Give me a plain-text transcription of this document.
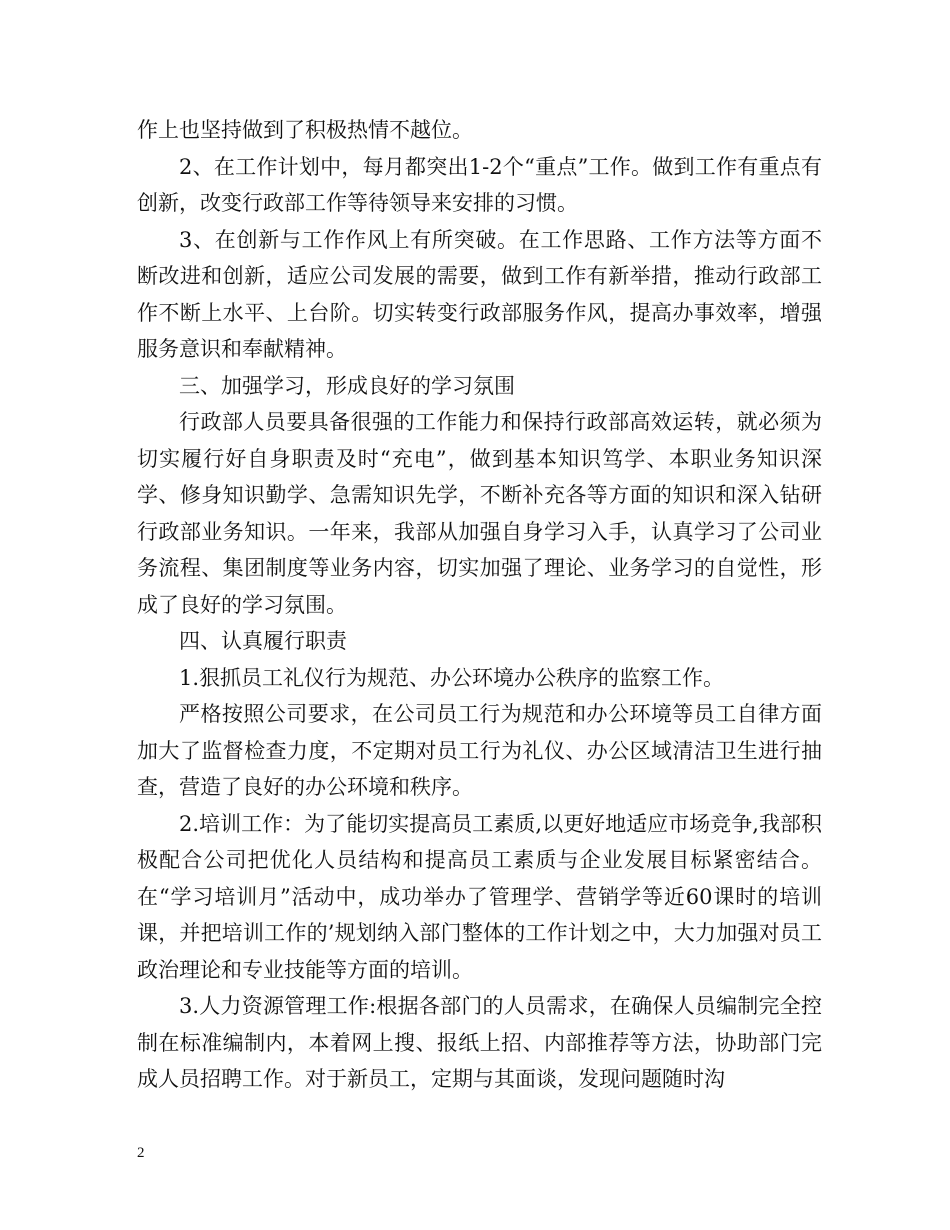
作上也坚持做到了积极热情不越位。

2、在工作计划中，每月都突出1-2个“重点”工作。做到工作有重点有创新，改变行政部工作等待领导来安排的习惯。

3、在创新与工作作风上有所突破。在工作思路、工作方法等方面不断改进和创新，适应公司发展的需要，做到工作有新举措，推动行政部工作不断上水平、上台阶。切实转变行政部服务作风，提高办事效率，增强服务意识和奉献精神。

三、加强学习，形成良好的学习氛围

行政部人员要具备很强的工作能力和保持行政部高效运转，就必须为切实履行好自身职责及时“充电”，做到基本知识笃学、本职业务知识深学、修身知识勤学、急需知识先学，不断补充各等方面的知识和深入钻研行政部业务知识。一年来，我部从加强自身学习入手，认真学习了公司业务流程、集团制度等业务内容，切实加强了理论、业务学习的自觉性，形成了良好的学习氛围。

四、认真履行职责

1.狠抓员工礼仪行为规范、办公环境办公秩序的监察工作。

严格按照公司要求，在公司员工行为规范和办公环境等员工自律方面加大了监督检查力度，不定期对员工行为礼仪、办公区域清洁卫生进行抽查，营造了良好的办公环境和秩序。

2.培训工作：为了能切实提高员工素质,以更好地适应市场竞争,我部积极配合公司把优化人员结构和提高员工素质与企业发展目标紧密结合。在“学习培训月”活动中，成功举办了管理学、营销学等近60课时的培训课，并把培训工作的’规划纳入部门整体的工作计划之中，大力加强对员工政治理论和专业技能等方面的培训。

3.人力资源管理工作:根据各部门的人员需求，在确保人员编制完全控制在标准编制内，本着网上搜、报纸上招、内部推荐等方法，协助部门完成人员招聘工作。对于新员工，定期与其面谈，发现问题随时沟

2
